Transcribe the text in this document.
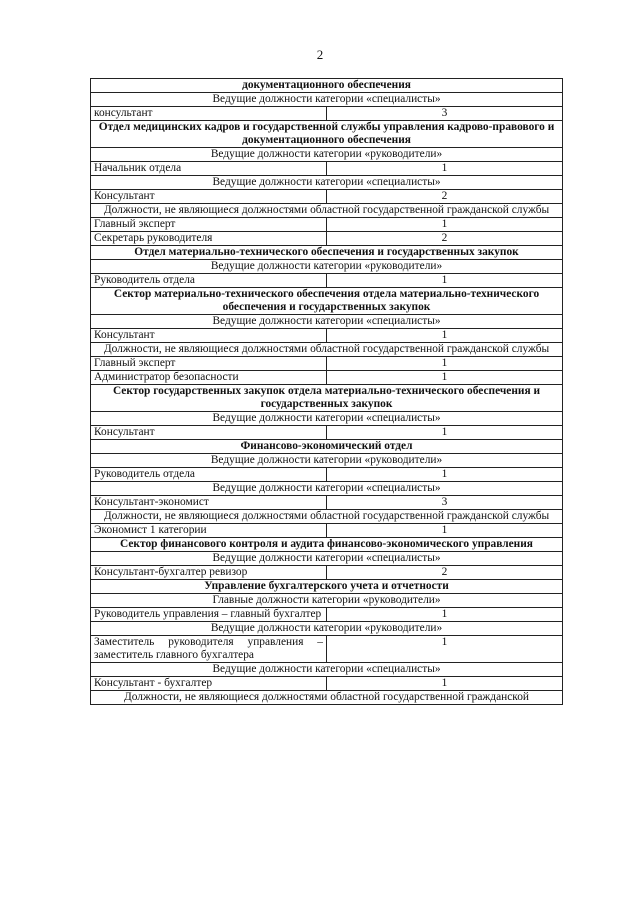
2
документационного обеспечения	
Ведущие должности категории «специалисты»	
консультант	3
Отдел медицинских кадров и государственной службы управления кадрово-правового и документационного обеспечения	
Ведущие должности категории «руководители»	
Начальник отдела	1
Ведущие должности категории «специалисты»	
Консультант	2
Должности, не являющиеся должностями областной государственной гражданской службы	
Главный эксперт	1
Секретарь руководителя	2
Отдел материально-технического обеспечения и государственных закупок	
Ведущие должности категории «руководители»	
Руководитель отдела	1
Сектор материально-технического обеспечения отдела материально-технического обеспечения и государственных закупок	
Ведущие должности категории «специалисты»	
Консультант	1
Должности, не являющиеся должностями областной государственной гражданской службы	
Главный эксперт	1
Администратор безопасности	1
Сектор государственных закупок отдела материально-технического обеспечения и государственных закупок	
Ведущие должности категории «специалисты»	
Консультант	1
Финансово-экономический отдел	
Ведущие должности категории «руководители»	
Руководитель отдела	1
Ведущие должности категории «специалисты»	
Консультант-экономист	3
Должности, не являющиеся должностями областной государственной гражданской службы	
Экономист 1 категории	1
Сектор финансового контроля и аудита финансово-экономического управления	
Ведущие должности категории «специалисты»	
Консультант-бухгалтер ревизор	2
Управление бухгалтерского учета и отчетности	
Главные должности категории «руководители»	
Руководитель управления – главный бухгалтер	1
Ведущие должности категории «руководители»	
Заместитель руководителя управления – заместитель главного бухгалтера	1
Ведущие должности категории «специалисты»	
Консультант - бухгалтер	1
Должности, не являющиеся должностями областной государственной гражданской	
